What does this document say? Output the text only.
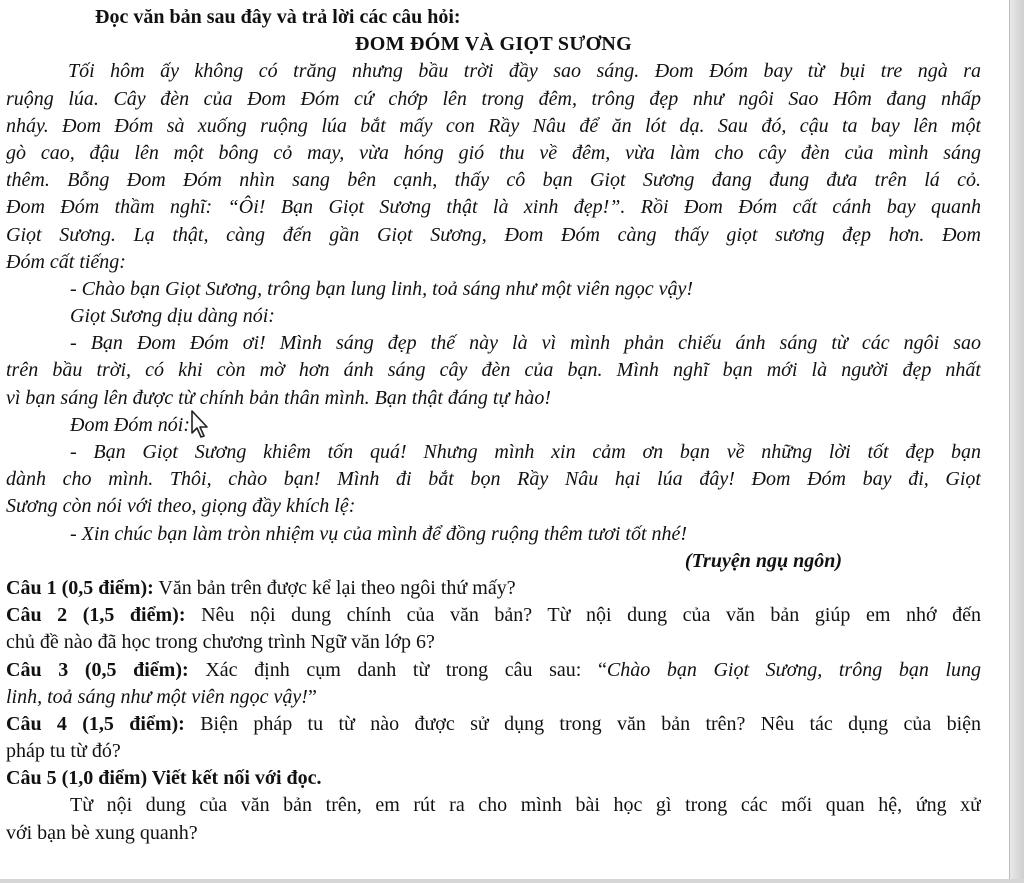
Đọc văn bản sau đây và trả lời các câu hỏi:
ĐOM ĐÓM VÀ GIỌT SƯƠNG
Tối hôm ấy không có trăng nhưng bầu trời đầy sao sáng. Đom Đóm bay từ bụi tre ngà ra
ruộng lúa. Cây đèn của Đom Đóm cứ chớp lên trong đêm, trông đẹp như ngôi Sao Hôm đang nhấp
nháy. Đom Đóm sà xuống ruộng lúa bắt mấy con Rầy Nâu để ăn lót dạ. Sau đó, cậu ta bay lên một
gò cao, đậu lên một bông cỏ may, vừa hóng gió thu về đêm, vừa làm cho cây đèn của mình sáng
thêm. Bỗng Đom Đóm nhìn sang bên cạnh, thấy cô bạn Giọt Sương đang đung đưa trên lá cỏ.
Đom Đóm thầm nghĩ: “Ôi! Bạn Giọt Sương thật là xinh đẹp!”. Rồi Đom Đóm cất cánh bay quanh
Giọt Sương. Lạ thật, càng đến gần Giọt Sương, Đom Đóm càng thấy giọt sương đẹp hơn. Đom
Đóm cất tiếng:
- Chào bạn Giọt Sương, trông bạn lung linh, toả sáng như một viên ngọc vậy!
Giọt Sương dịu dàng nói:
- Bạn Đom Đóm ơi! Mình sáng đẹp thế này là vì mình phản chiếu ánh sáng từ các ngôi sao
trên bầu trời, có khi còn mờ hơn ánh sáng cây đèn của bạn. Mình nghĩ bạn mới là người đẹp nhất
vì bạn sáng lên được từ chính bản thân mình. Bạn thật đáng tự hào!
Đom Đóm nói:
- Bạn Giọt Sương khiêm tốn quá! Nhưng mình xin cảm ơn bạn về những lời tốt đẹp bạn
dành cho mình. Thôi, chào bạn! Mình đi bắt bọn Rầy Nâu hại lúa đây! Đom Đóm bay đi, Giọt
Sương còn nói với theo, giọng đầy khích lệ:
- Xin chúc bạn làm tròn nhiệm vụ của mình để đồng ruộng thêm tươi tốt nhé!
(Truyện ngụ ngôn)
Câu 1 (0,5 điểm): Văn bản trên được kể lại theo ngôi thứ mấy?
Câu 2 (1,5 điểm): Nêu nội dung chính của văn bản? Từ nội dung của văn bản giúp em nhớ đến
chủ đề nào đã học trong chương trình Ngữ văn lớp 6?
Câu 3 (0,5 điểm): Xác định cụm danh từ trong câu sau: “Chào bạn Giọt Sương, trông bạn lung
linh, toả sáng như một viên ngọc vậy!”
Câu 4 (1,5 điểm): Biện pháp tu từ nào được sử dụng trong văn bản trên? Nêu tác dụng của biện
pháp tu từ đó?
Câu 5 (1,0 điểm) Viết kết nối với đọc.
Từ nội dung của văn bản trên, em rút ra cho mình bài học gì trong các mối quan hệ, ứng xử
với bạn bè xung quanh?
